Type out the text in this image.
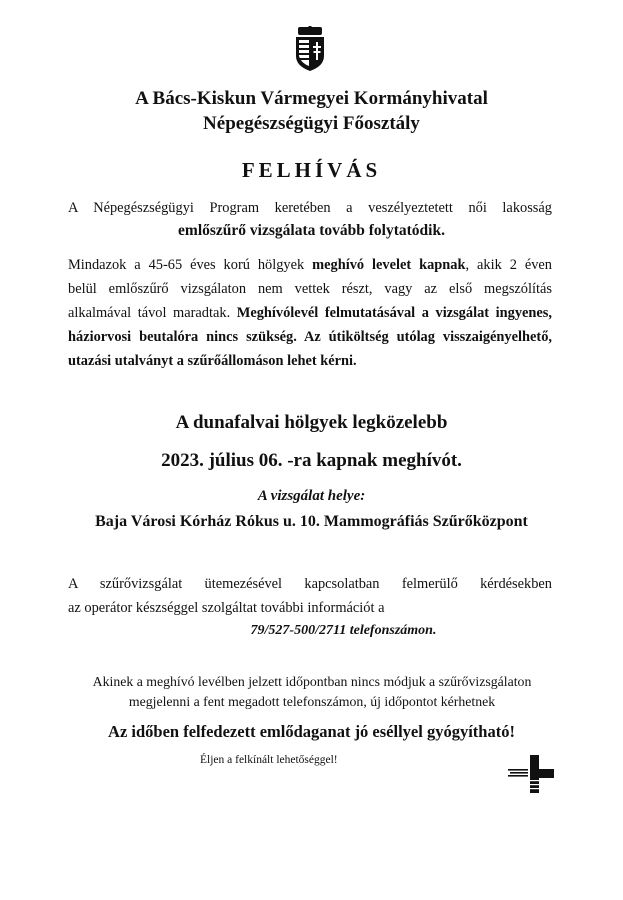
A Bács-Kiskun Vármegyei Kormányhivatal
Népegészségügyi Főosztály
FELHÍVÁS
A Népegészségügyi Program keretében a veszélyeztetett női lakosság
emlőszűrő vizsgálata tovább folytatódik.
Mindazok a 45-65 éves korú hölgyek meghívó levelet kapnak, akik 2 éven
belül emlőszűrő vizsgálaton nem vettek részt, vagy az első megszólítás
alkalmával távol maradtak. Meghívólevél felmutatásával a vizsgálat ingyenes,
háziorvosi beutalóra nincs szükség. Az útiköltség utólag visszaigényelhető,
utazási utalványt a szűrőállomáson lehet kérni.
A dunafalvai hölgyek legközelebb
2023. július 06. -ra kapnak meghívót.
A vizsgálat helye:
Baja Városi Kórház Rókus u. 10. Mammográfiás Szűrőközpont
A szűrővizsgálat ütemezésével kapcsolatban felmerülő kérdésekben
az operátor készséggel szolgáltat további információt a
79/527-500/2711 telefonszámon.
Akinek a meghívó levélben jelzett időpontban nincs módjuk a szűrővizsgálaton
megjelenni a fent megadott telefonszámon, új időpontot kérhetnek
Az időben felfedezett emlődaganat jó eséllyel gyógyítható!
Éljen a felkínált lehetőséggel!
